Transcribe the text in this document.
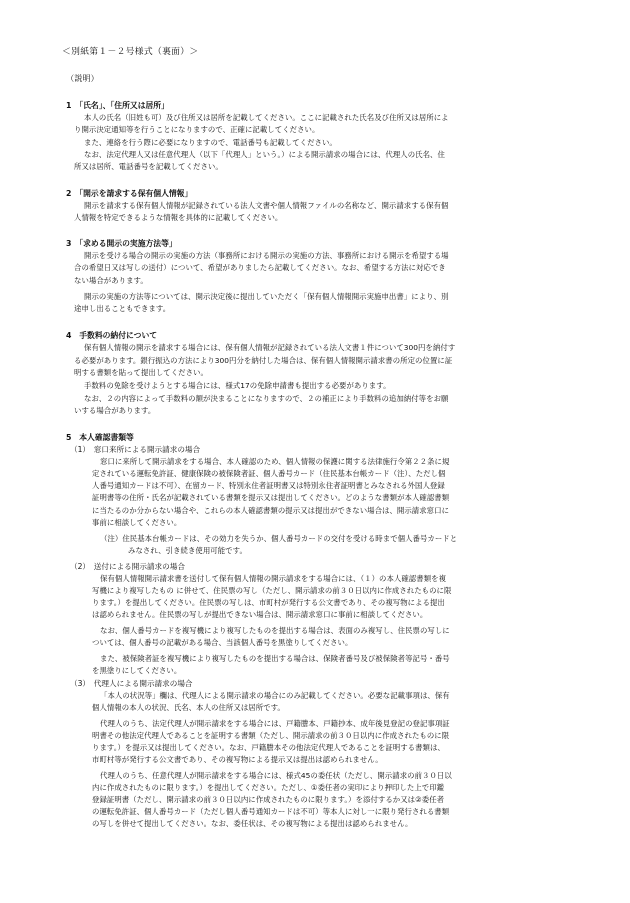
＜別紙第１－２号様式（裏面）＞
（説明）
1　「氏名」、「住所又は居所」
本人の氏名（旧姓も可）及び住所又は居所を記載してください。ここに記載された氏名及び住所又は居所によ
り開示決定通知等を行うことになりますので、正確に記載してください。
また、連絡を行う際に必要になりますので、電話番号も記載してください。
なお、法定代理人又は任意代理人（以下「代理人」という。）による開示請求の場合には、代理人の氏名、住
所又は居所、電話番号を記載してください。
2　「開示を請求する保有個人情報」
開示を請求する保有個人情報が記録されている法人文書や個人情報ファイルの名称など、開示請求する保有個
人情報を特定できるような情報を具体的に記載してください。
3　「求める開示の実施方法等」
開示を受ける場合の開示の実施の方法（事務所における開示の実施の方法、事務所における開示を希望する場
合の希望日又は写しの送付）について、希望がありましたら記載してください。なお、希望する方法に対応でき
ない場合があります。
開示の実施の方法等については、開示決定後に提出していただく「保有個人情報開示実施申出書」により、別
途申し出ることもできます。
4　手数料の納付について
保有個人情報の開示を請求する場合には、保有個人情報が記録されている法人文書１件について300円を納付す
る必要があります。銀行振込の方法により300円分を納付した場合は、保有個人情報開示請求書の所定の位置に証
明する書類を貼って提出してください。
手数料の免除を受けようとする場合には、様式17の免除申請書も提出する必要があります。
なお、２の内容によって手数料の額が決まることになりますので、２の補正により手数料の追加納付等をお願
いする場合があります。
5　本人確認書類等
（1）　窓口来所による開示請求の場合
窓口に来所して開示請求をする場合、本人確認のため、個人情報の保護に関する法律施行令第２２条に規
定されている運転免許証、健康保険の被保険者証、個人番号カード（住民基本台帳カード（注）、ただし個
人番号通知カードは不可）、在留カード、特別永住者証明書又は特別永住者証明書とみなされる外国人登録
証明書等の住所・氏名が記載されている書類を提示又は提出してください。どのような書類が本人確認書類
に当たるのか分からない場合や、これらの本人確認書類の提示又は提出ができない場合は、開示請求窓口に
事前に相談してください。
（注）住民基本台帳カードは、その効力を失うか、個人番号カードの交付を受ける時まで個人番号カードと
みなされ、引き続き使用可能です。
（2）　送付による開示請求の場合
保有個人情報開示請求書を送付して保有個人情報の開示請求をする場合には、（１）の本人確認書類を複
写機により複写したもの に併せて、住民票の写し（ただし、開示請求の前３０日以内に作成されたものに限
ります。）を提出してください。住民票の写しは、市町村が発行する公文書であり、その複写物による提出
は認められません。住民票の写しが提出できない場合は、開示請求窓口に事前に相談してください。
なお、個人番号カードを複写機により複写したものを提出する場合は、表面のみ複写し、住民票の写しに
ついては、個人番号の記載がある場合、当該個人番号を黒塗りしてください。
また、被保険者証を複写機により複写したものを提出する場合は、保険者番号及び被保険者等記号・番号
を黒塗りにしてください。
（3）　代理人による開示請求の場合
「本人の状況等」欄は、代理人による開示請求の場合にのみ記載してください。必要な記載事項は、保有
個人情報の本人の状況、氏名、本人の住所又は居所です。
代理人のうち、法定代理人が開示請求をする場合には、戸籍謄本、戸籍抄本、成年後見登記の登記事項証
明書その他法定代理人であることを証明する書類（ただし、開示請求の前３０日以内に作成されたものに限
ります。）を提示又は提出してください。なお、戸籍謄本その他法定代理人であることを証明する書類は、
市町村等が発行する公文書であり、その複写物による提示又は提出は認められません。
代理人のうち、任意代理人が開示請求をする場合には、様式45の委任状（ただし、開示請求の前３０日以
内に作成されたものに限ります。）を提出してください。ただし、①委任者の実印により押印した上で印鑑
登録証明書（ただし、開示請求の前３０日以内に作成されたものに限ります。）を添付するか又は②委任者
の運転免許証、個人番号カード（ただし個人番号通知カードは不可）等本人に対し一に限り発行される書類
の写しを併せて提出してください。なお、委任状は、その複写物による提出は認められません。
